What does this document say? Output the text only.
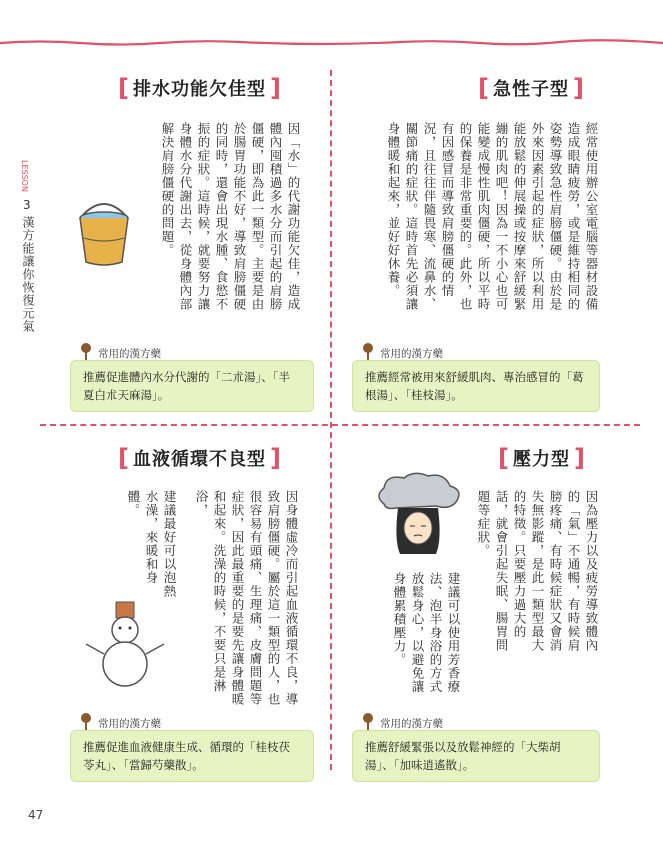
LESSON
3
漢方能讓你恢復元氣
47
[ 排水功能欠佳型 ]
因「水」的代謝功能欠佳，造成體內囤積過多水分而引起的肩膀僵硬，即為此一類型。主要是由於腸胃功能不好，導致肩膀僵硬的同時，還會出現水腫、食慾不振的症狀。這時候，就要努力讓身體水分代謝出去，從身體內部解決肩膀僵硬的問題。
常用的漢方藥
推薦促進體內水分代謝的「二朮湯」、「半夏白朮天麻湯」。
[ 急性子型 ]
經常使用辦公室電腦等器材設備造成眼睛疲勞，或是維持相同的姿勢導致急性肩膀僵硬。由於是外來因素引起的症狀，所以利用能放鬆的伸展操或按摩來舒緩緊繃的肌肉吧！因為一不小心也可能變成慢性肌肉僵硬，所以平時的保養是非常重要的。此外，也有因感冒而導致肩膀僵硬的情況，且往往伴隨畏寒、流鼻水、關節痛的症狀。這時首先必須讓身體暖和起來，並好好休養。
常用的漢方藥
推薦經常被用來舒緩肌肉、專治感冒的「葛根湯」、「桂枝湯」。
[ 血液循環不良型 ]
因身體虛冷而引起血液循環不良，導致肩膀僵硬。屬於這一類型的人，也很容易有頭痛、生理痛、皮膚問題等症狀，因此最重要的是要先讓身體暖和起來。洗澡的時候，不要只是淋浴，
建議最好可以泡熱水澡，來暖和身體。
常用的漢方藥
推薦促進血液健康生成、循環的「桂枝茯苓丸」、「當歸芍藥散」。
[ 壓力型 ]
因為壓力以及疲勞導致體內的「氣」不通暢，有時候肩膀疼痛、有時候症狀又會消失無影蹤，是此一類型最大的特徵。只要壓力過大的話，就會引起失眠、腸胃問題等症狀。
建議可以使用芳香療法、泡半身浴的方式放鬆身心，以避免讓身體累積壓力。
常用的漢方藥
推薦舒緩緊張以及放鬆神經的「大柴胡湯」、「加味逍遙散」。
